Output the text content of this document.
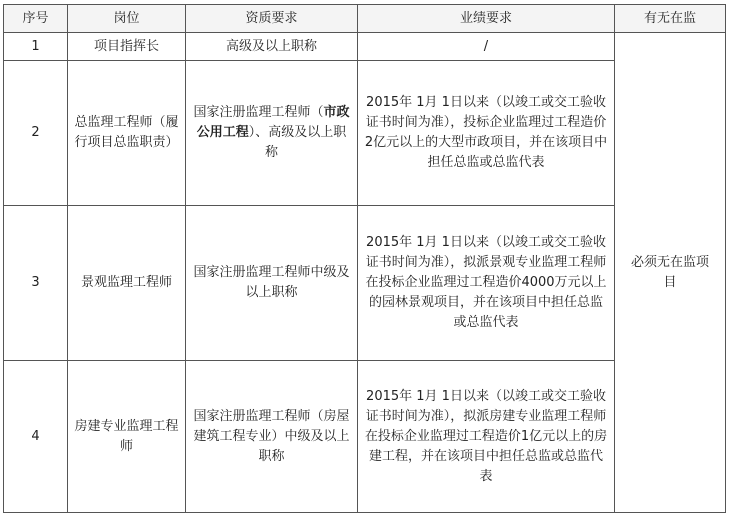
序号	岗位	资质要求	业绩要求	有无在监
1	项目指挥长	高级及以上职称	/	必须无在监项目
2	总监理工程师（履行项目总监职责）	国家注册监理工程师（市政公用工程）、高级及以上职称	2015年 1月 1日以来（以竣工或交工验收证书时间为准），投标企业监理过工程造价2亿元以上的大型市政项目，并在该项目中担任总监或总监代表	
3	景观监理工程师	国家注册监理工程师中级及以上职称	2015年 1月 1日以来（以竣工或交工验收证书时间为准），拟派景观专业监理工程师在投标企业监理过工程造价4000万元以上的园林景观项目，并在该项目中担任总监或总监代表	
4	房建专业监理工程师	国家注册监理工程师（房屋建筑工程专业）中级及以上职称	2015年 1月 1日以来（以竣工或交工验收证书时间为准），拟派房建专业监理工程师在投标企业监理过工程造价1亿元以上的房建工程，并在该项目中担任总监或总监代表	
